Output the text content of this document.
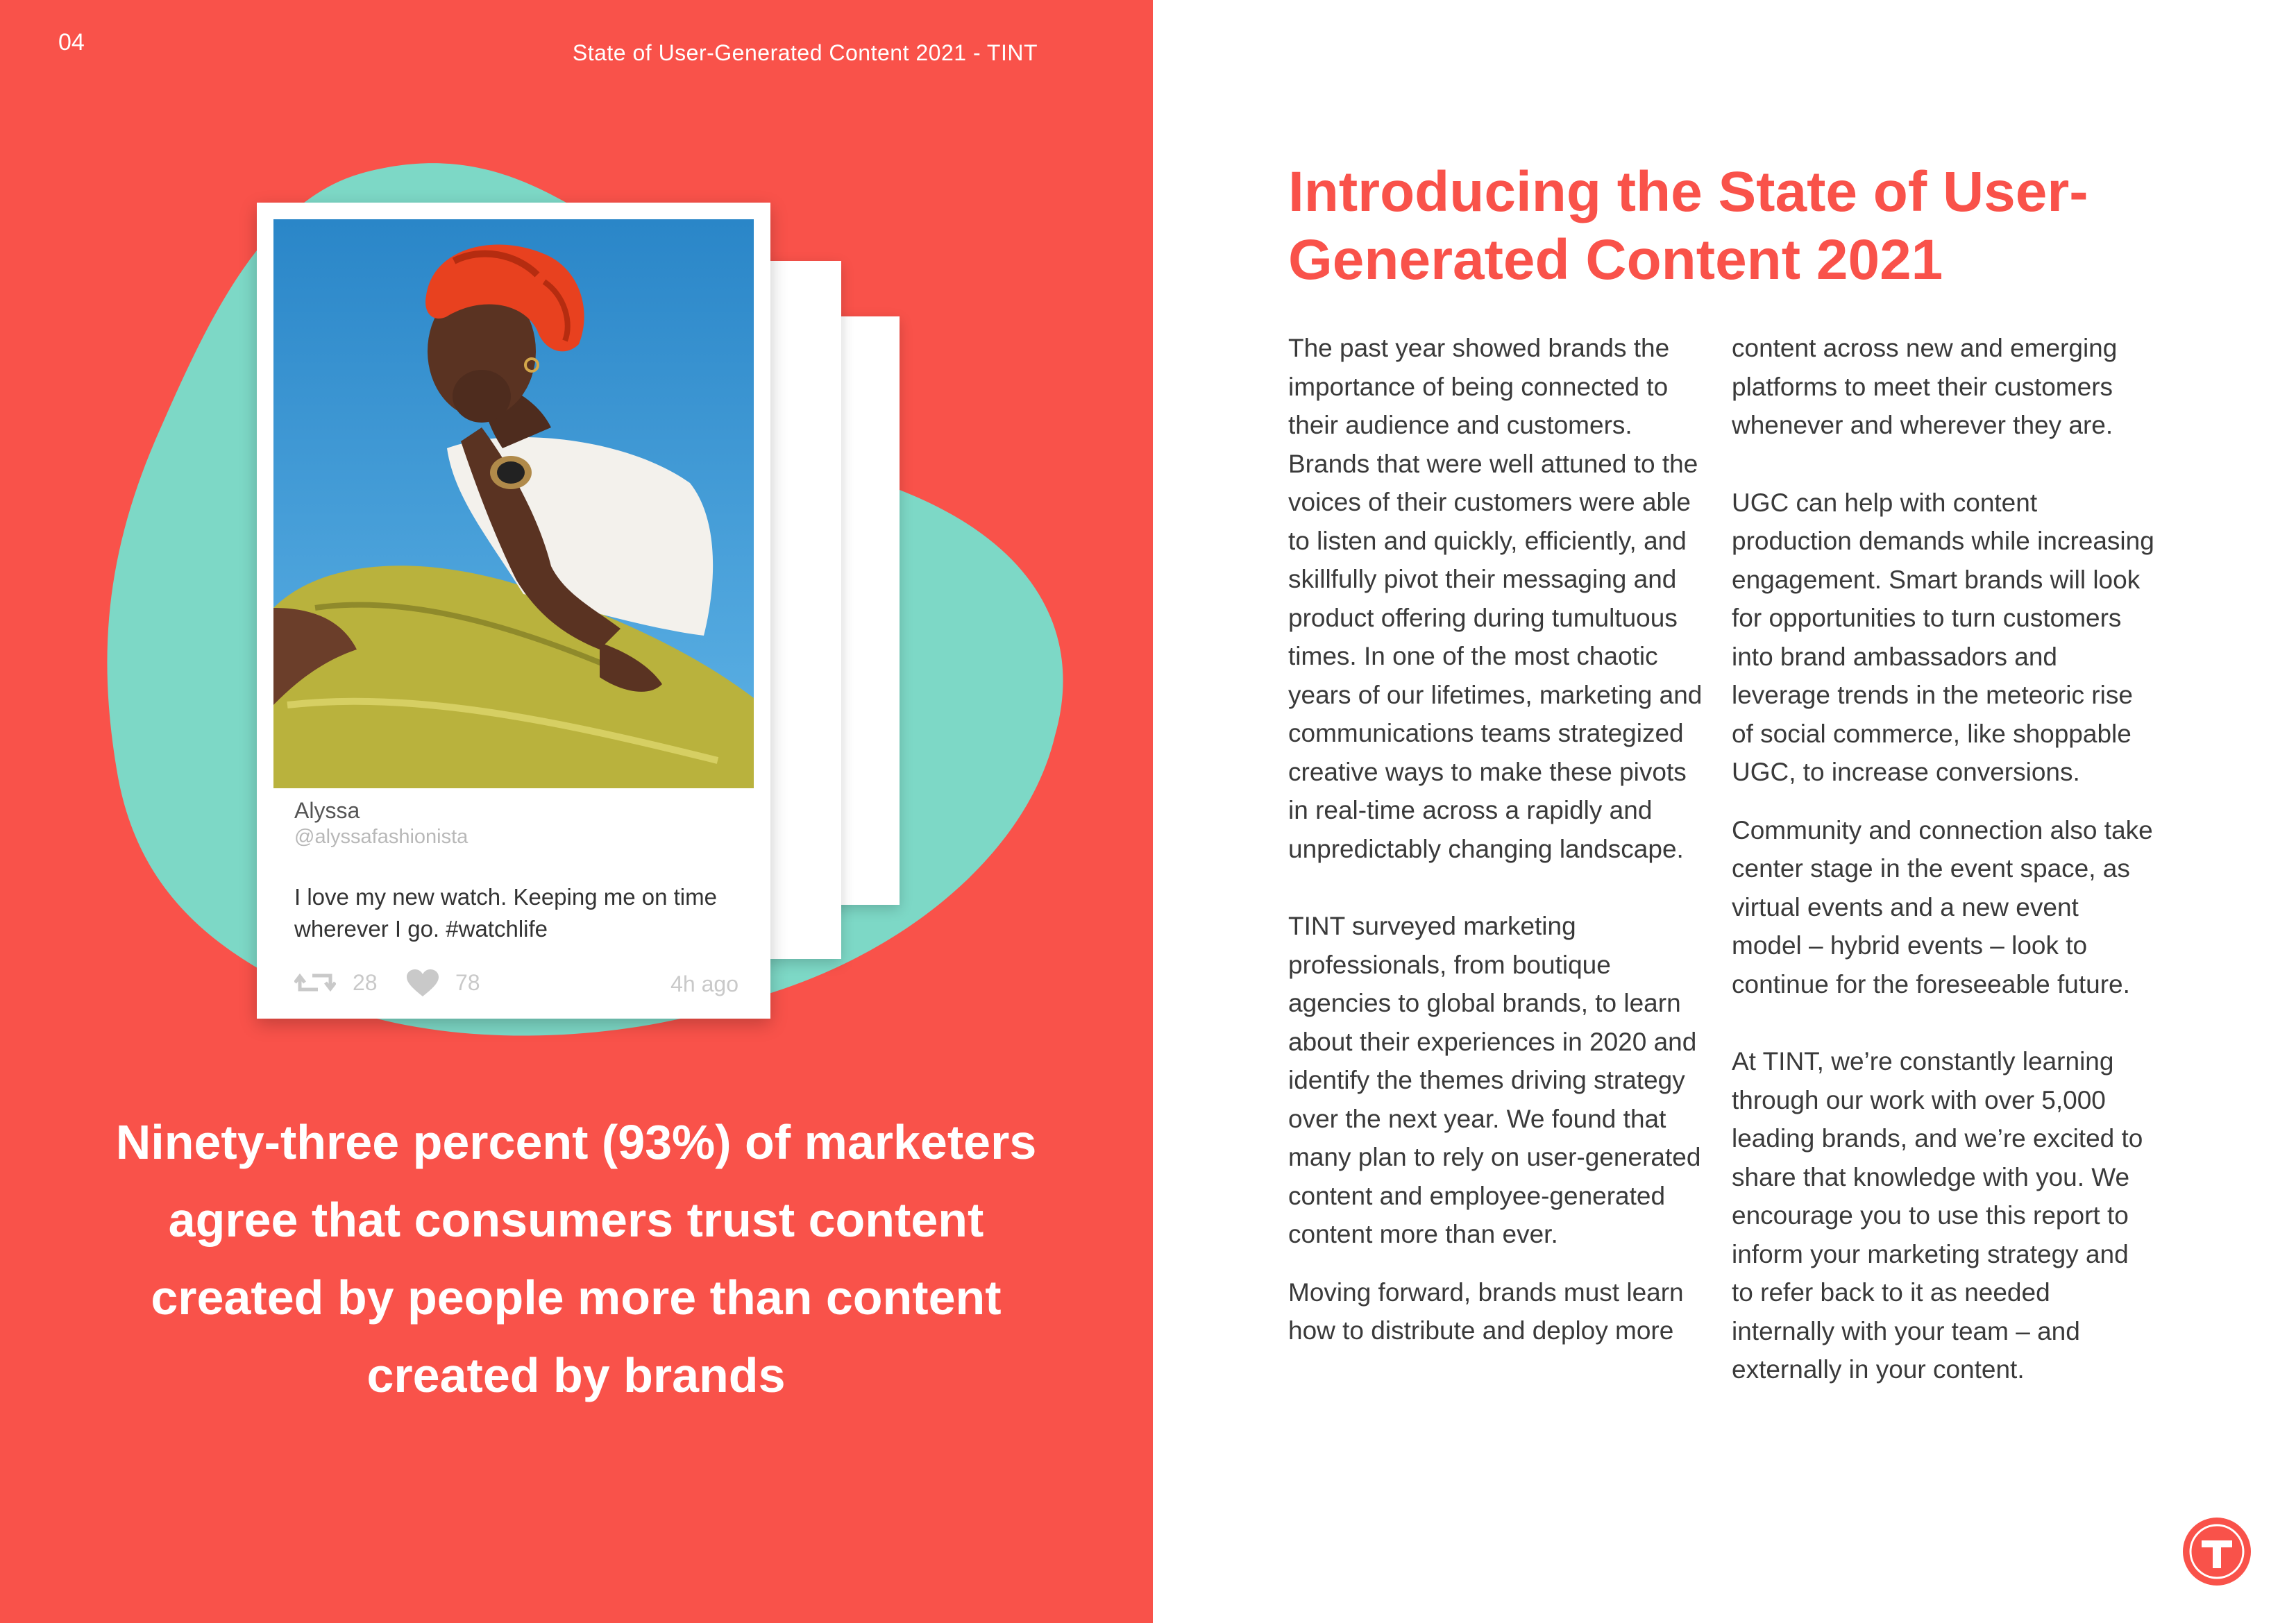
04	State of User-Generated Content 2021 - TINT
Alyssa
@alyssafashionista
I love my new watch. Keeping me on time wherever I go. #watchlife
28	78	4h ago
Ninety-three percent (93%) of marketers agree that consumers trust content created by people more than content created by brands
Introducing the State of User-Generated Content 2021

The past year showed brands the importance of being connected to their audience and customers. Brands that were well attuned to the voices of their customers were able to listen and quickly, efficiently, and skillfully pivot their messaging and product offering during tumultuous times. In one of the most chaotic years of our lifetimes, marketing and communications teams strategized creative ways to make these pivots in real-time across a rapidly and unpredictably changing landscape.

TINT surveyed marketing professionals, from boutique agencies to global brands, to learn about their experiences in 2020 and identify the themes driving strategy over the next year. We found that many plan to rely on user-generated content and employee-generated content more than ever.

Moving forward, brands must learn how to distribute and deploy more

content across new and emerging platforms to meet their customers whenever and wherever they are.

UGC can help with content production demands while increasing engagement. Smart brands will look for opportunities to turn customers into brand ambassadors and leverage trends in the meteoric rise of social commerce, like shoppable UGC, to increase conversions.

Community and connection also take center stage in the event space, as virtual events and a new event model – hybrid events – look to continue for the foreseeable future.

At TINT, we’re constantly learning through our work with over 5,000 leading brands, and we’re excited to share that knowledge with you. We encourage you to use this report to inform your marketing strategy and to refer back to it as needed internally with your team – and externally in your content.
